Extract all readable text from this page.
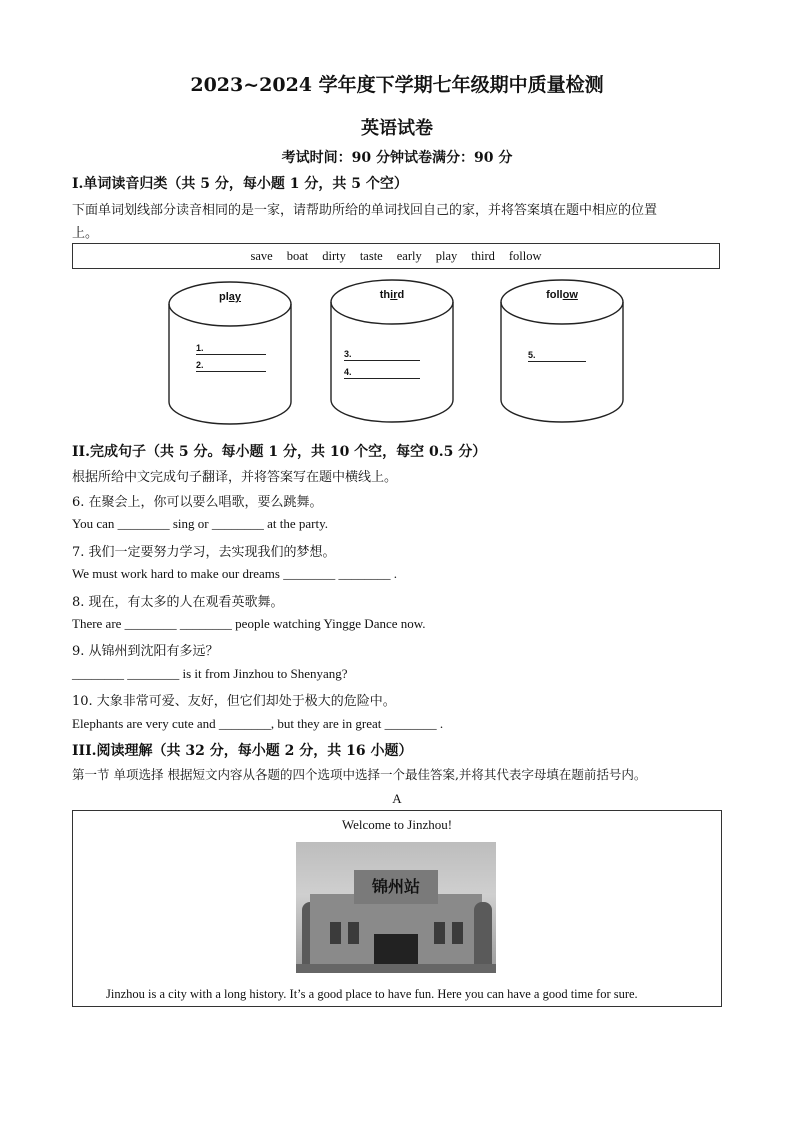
2023~2024 学年度下学期七年级期中质量检测
英语试卷
考试时间：90 分钟试卷满分：90 分
I.单词读音归类（共 5 分，每小题 1 分，共 5 个空）
下面单词划线部分读音相同的是一家，请帮助所给的单词找回自己的家，并将答案填在题中相应的位置
上。
save boat dirty taste early play third follow
play
1.
2.
third
3.
4.
follow
5.
II.完成句子（共 5 分。每小题 1 分，共 10 个空，每空 0.5 分）
根据所给中文完成句子翻译，并将答案写在题中横线上。
6. 在聚会上，你可以要么唱歌，要么跳舞。
You can ________ sing or ________ at the party.
7. 我们一定要努力学习，去实现我们的梦想。
We must work hard to make our dreams ________ ________ .
8. 现在，有太多的人在观看英歌舞。
There are ________ ________ people watching Yingge Dance now.
9. 从锦州到沈阳有多远？
________ ________ is it from Jinzhou to Shenyang?
10. 大象非常可爱、友好，但它们却处于极大的危险中。
Elephants are very cute and ________, but they are in great ________ .
III.阅读理解（共 32 分，每小题 2 分，共 16 小题）
第一节 单项选择 根据短文内容从各题的四个选项中选择一个最佳答案,并将其代表字母填在题前括号内。
A
Welcome to Jinzhou!
锦州站
Jinzhou is a city with a long history. It’s a good place to have fun. Here you can have a good time for sure.
